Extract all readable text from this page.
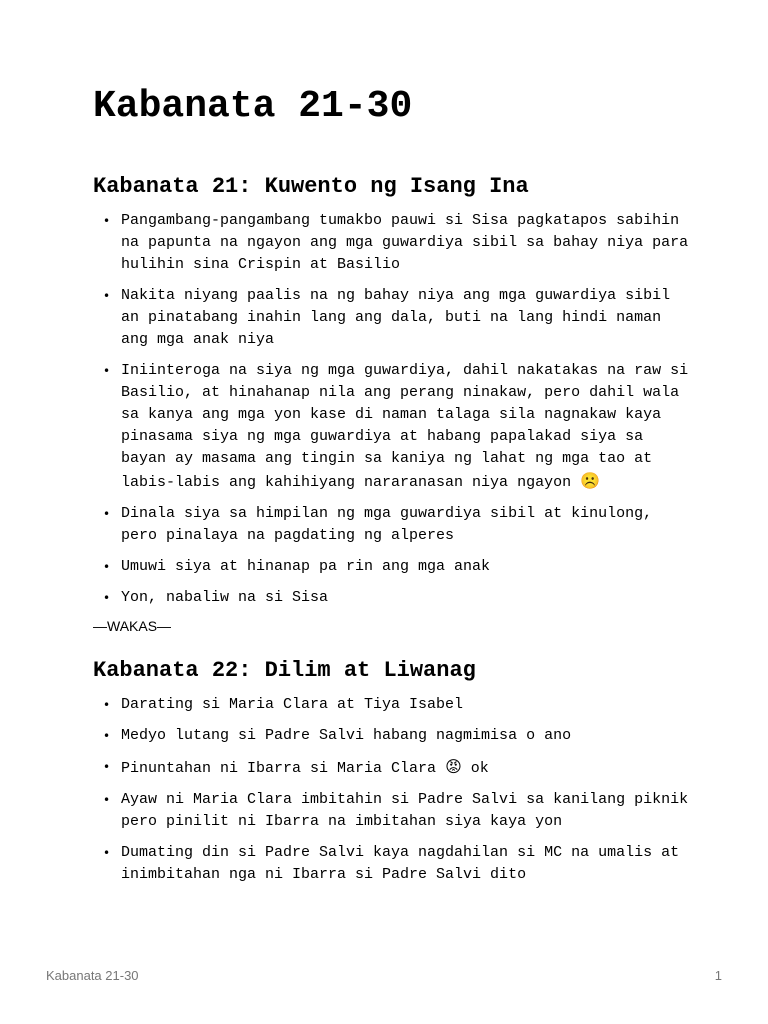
Kabanata 21-30
Kabanata 21: Kuwento ng Isang Ina
• Pangambang-pangambang tumakbo pauwi si Sisa pagkatapos sabihin na papunta na ngayon ang mga guwardiya sibil sa bahay niya para hulihin sina Crispin at Basilio
• Nakita niyang paalis na ng bahay niya ang mga guwardiya sibil an pinatabang inahin lang ang dala, buti na lang hindi naman ang mga anak niya
• Iniinteroga na siya ng mga guwardiya, dahil nakatakas na raw si Basilio, at hinahanap nila ang perang ninakaw, pero dahil wala sa kanya ang mga yon kase di naman talaga sila nagnakaw kaya pinasama siya ng mga guwardiya at habang papalakad siya sa bayan ay masama ang tingin sa kaniya ng lahat ng mga tao at labis-labis ang kahihiyang nararanasan niya ngayon ☹️
• Dinala siya sa himpilan ng mga guwardiya sibil at kinulong, pero pinalaya na pagdating ng alperes
• Umuwi siya at hinanap pa rin ang mga anak
• Yon, nabaliw na si Sisa

—WAKAS—

Kabanata 22: Dilim at Liwanag
• Darating si Maria Clara at Tiya Isabel
• Medyo lutang si Padre Salvi habang nagmimisa o ano
• Pinuntahan ni Ibarra si Maria Clara 😡 ok
• Ayaw ni Maria Clara imbitahin si Padre Salvi sa kanilang piknik pero pinilit ni Ibarra na imbitahan siya kaya yon
• Dumating din si Padre Salvi kaya nagdahilan si MC na umalis at inimbitahan nga ni Ibarra si Padre Salvi dito
Kabanata 21-30	1
